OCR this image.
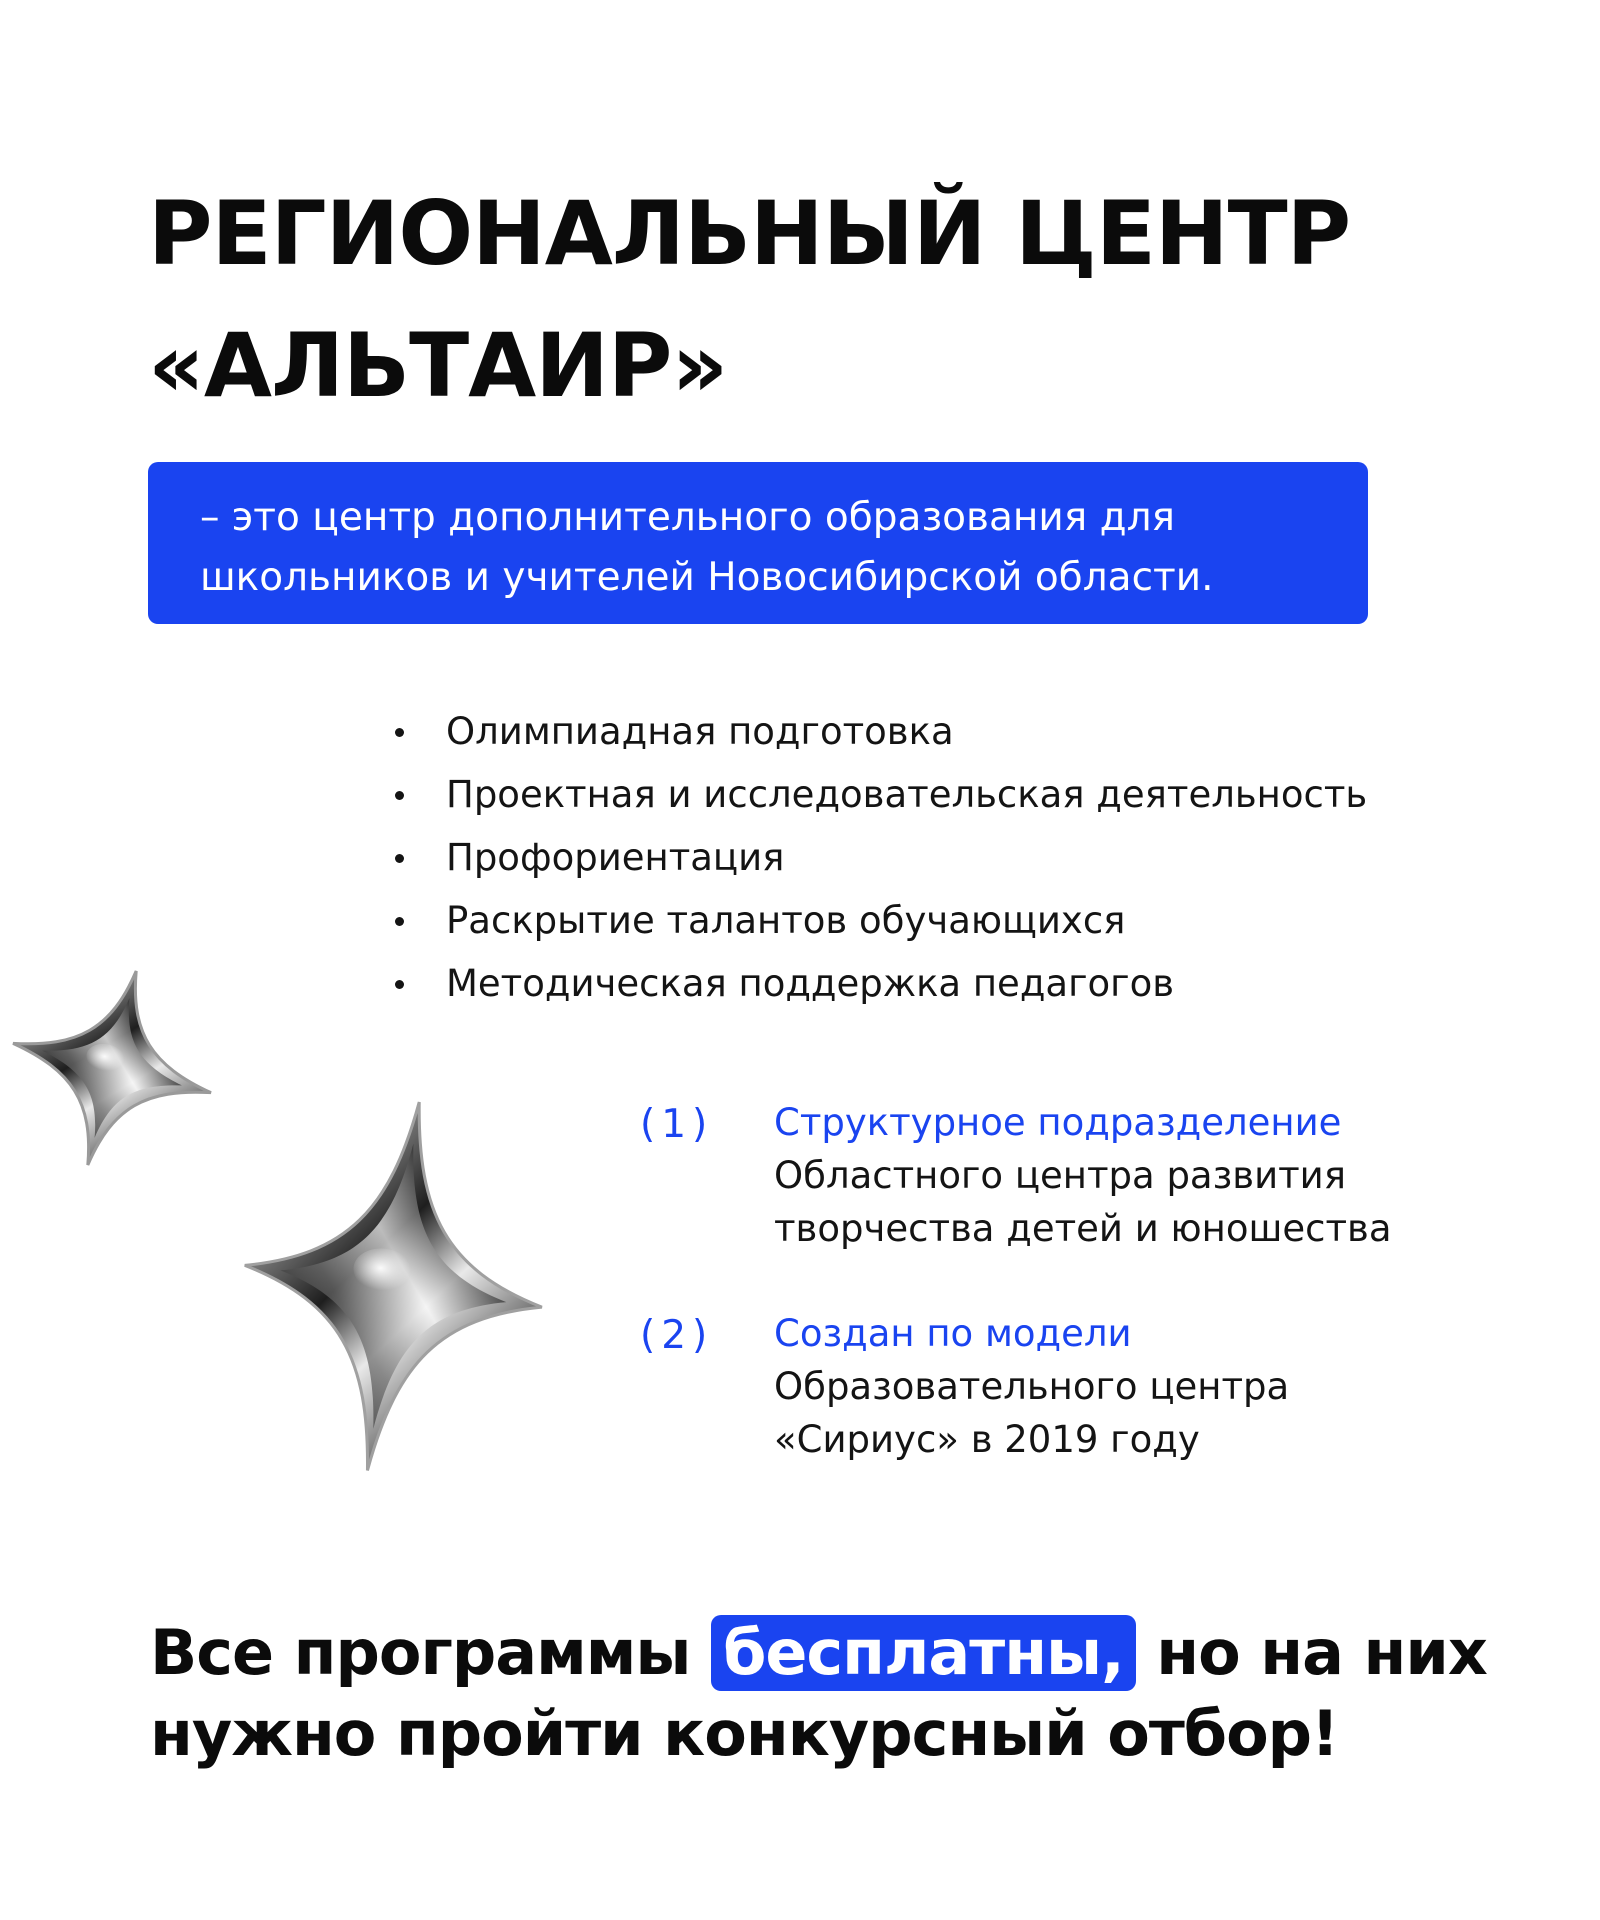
РЕГИОНАЛЬНЫЙ ЦЕНТР
«АЛЬТАИР»
– это центр дополнительного образования для
школьников и учителей Новосибирской области.
Олимпиадная подготовка
Проектная и исследовательская деятельность
Профориентация
Раскрытие талантов обучающихся
Методическая поддержка педагогов
(1) Структурное подразделение
Областного центра развития
творчества детей и юношества
(2) Создан по модели
Образовательного центра
«Сириус» в 2019 году

Все программы бесплатны, но на них
нужно пройти конкурсный отбор!
